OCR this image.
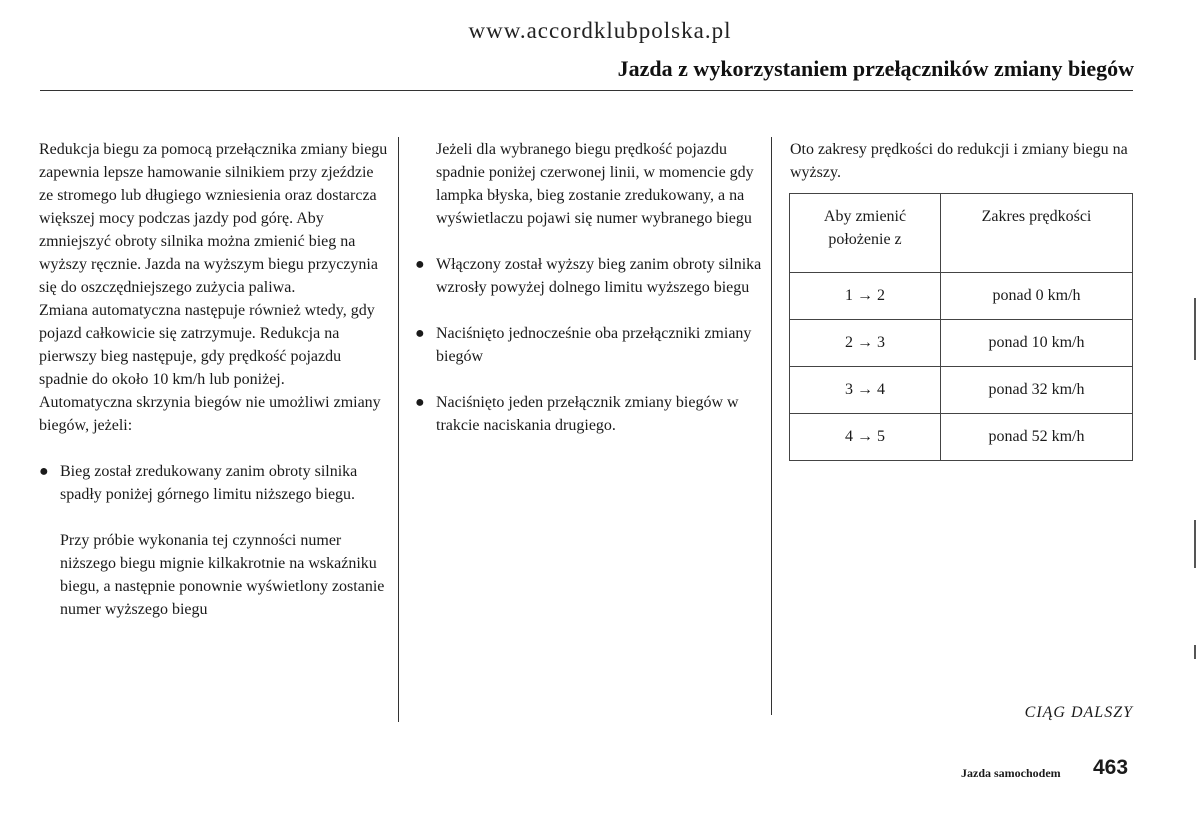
www.accordklubpolska.pl
Jazda z wykorzystaniem przełączników zmiany biegów

Redukcja biegu za pomocą przełącznika zmiany biegu zapewnia lepsze hamowanie silnikiem przy zjeździe ze stromego lub długiego wzniesienia oraz dostarcza większej mocy podczas jazdy pod górę. Aby zmniejszyć obroty silnika można zmienić bieg na wyższy ręcznie. Jazda na wyższym biegu przyczynia się do oszczędniejszego zużycia paliwa.

Zmiana automatyczna następuje również wtedy, gdy pojazd całkowicie się zatrzymuje. Redukcja na pierwszy bieg następuje, gdy prędkość pojazdu spadnie do około 10 km/h lub poniżej.

Automatyczna skrzynia biegów nie umożliwi zmiany biegów, jeżeli:

● Bieg został zredukowany zanim obroty silnika spadły poniżej górnego limitu niższego biegu.

Przy próbie wykonania tej czynności numer niższego biegu mignie kilkakrotnie na wskaźniku biegu, a następnie ponownie wyświetlony zostanie numer wyższego biegu

Jeżeli dla wybranego biegu prędkość pojazdu spadnie poniżej czerwonej linii, w momencie gdy lampka błyska, bieg zostanie zredukowany, a na wyświetlaczu pojawi się numer wybranego biegu

● Włączony został wyższy bieg zanim obroty silnika wzrosły powyżej dolnego limitu wyższego biegu
● Naciśnięto jednocześnie oba przełączniki zmiany biegów
● Naciśnięto jeden przełącznik zmiany biegów w trakcie naciskania drugiego.

Oto zakresy prędkości do redukcji i zmiany biegu na wyższy.

Aby zmienić położenie z	Zakres prędkości
1 → 2	ponad 0 km/h
2 → 3	ponad 10 km/h
3 → 4	ponad 32 km/h
4 → 5	ponad 52 km/h
CIĄG DALSZY
Jazda samochodem 463
